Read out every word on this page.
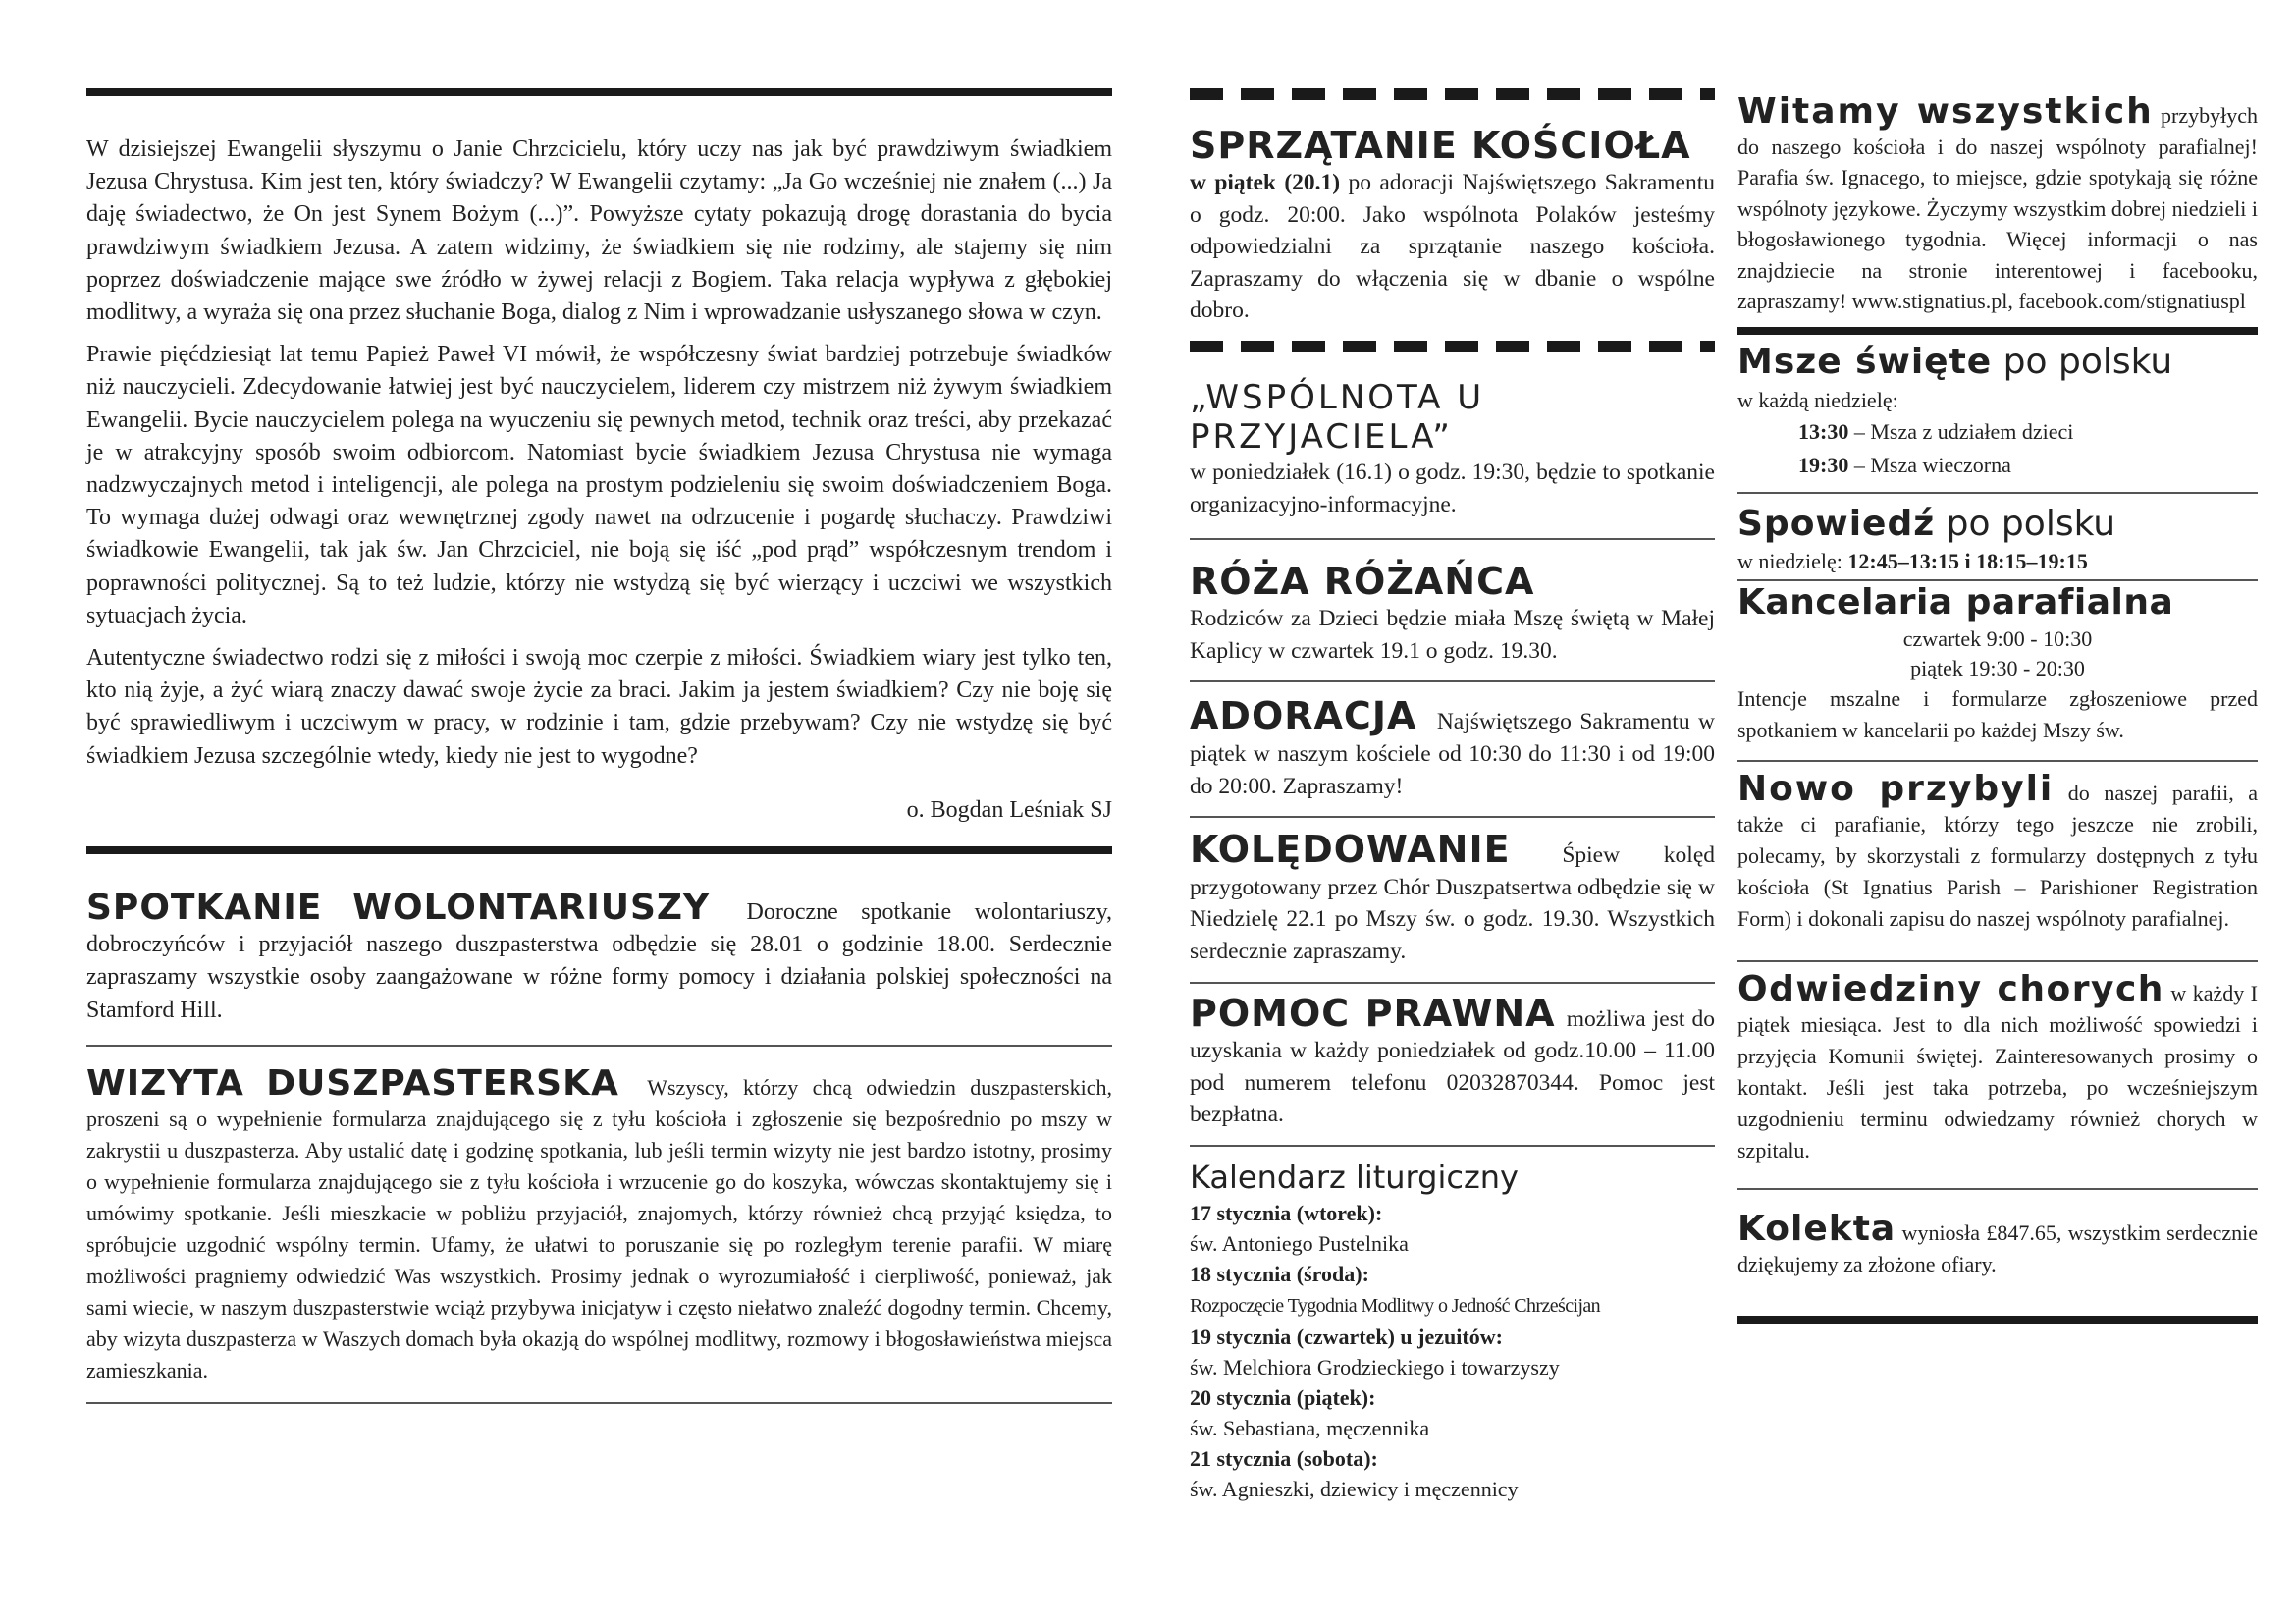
W dzisiejszej Ewangelii słyszymu o Janie Chrzcicielu, który uczy nas jak być prawdziwym świadkiem Jezusa Chrystusa. Kim jest ten, który świadczy? W Ewangelii czytamy: „Ja Go wcześniej nie znałem (...) Ja daję świadectwo, że On jest Synem Bożym (...)”. Powyższe cytaty pokazują drogę dorastania do bycia prawdziwym świadkiem Jezusa. A zatem widzimy, że świadkiem się nie rodzimy, ale stajemy się nim poprzez doświadczenie mające swe źródło w żywej relacji z Bogiem. Taka relacja wypływa z głębokiej modlitwy, a wyraża się ona przez słuchanie Boga, dialog z Nim i wprowadzanie usłyszanego słowa w czyn.

Prawie pięćdziesiąt lat temu Papież Paweł VI mówił, że współczesny świat bardziej potrzebuje świadków niż nauczycieli. Zdecydowanie łatwiej jest być nauczycielem, liderem czy mistrzem niż żywym świadkiem Ewangelii. Bycie nauczycielem polega na wyuczeniu się pewnych metod, technik oraz treści, aby przekazać je w atrakcyjny sposób swoim odbiorcom. Natomiast bycie świadkiem Jezusa Chrystusa nie wymaga nadzwyczajnych metod i inteligencji, ale polega na prostym podzieleniu się swoim doświadczeniem Boga. To wymaga dużej odwagi oraz wewnętrznej zgody nawet na odrzucenie i pogardę słuchaczy. Prawdziwi świadkowie Ewangelii, tak jak św. Jan Chrzciciel, nie boją się iść „pod prąd” współczesnym trendom i poprawności politycznej. Są to też ludzie, którzy nie wstydzą się być wierzący i uczciwi we wszystkich sytuacjach życia.

Autentyczne świadectwo rodzi się z miłości i swoją moc czerpie z miłości. Świadkiem wiary jest tylko ten, kto nią żyje, a żyć wiarą znaczy dawać swoje życie za braci. Jakim ja jestem świadkiem? Czy nie boję się być sprawiedliwym i uczciwym w pracy, w rodzinie i tam, gdzie przebywam? Czy nie wstydzę się być świadkiem Jezusa szczególnie wtedy, kiedy nie jest to wygodne?

o. Bogdan Leśniak SJ

SPOTKANIE WOLONTARIUSZY Doroczne spotkanie wolontariuszy, dobroczyńców i przyjaciół naszego duszpasterstwa odbędzie się 28.01 o godzinie 18.00. Serdecznie zapraszamy wszystkie osoby zaangażowane w różne formy pomocy i działania polskiej społeczności na Stamford Hill.

WIZYTA DUSZPASTERSKA Wszyscy, którzy chcą odwiedzin duszpasterskich, proszeni są o wypełnienie formularza znajdującego się z tyłu kościoła i zgłoszenie się bezpośrednio po mszy w zakrystii u duszpasterza. Aby ustalić datę i godzinę spotkania, lub jeśli termin wizyty nie jest bardzo istotny, prosimy o wypełnienie formularza znajdującego sie z tyłu kościoła i wrzucenie go do koszyka, wówczas skontaktujemy się i umówimy spotkanie. Jeśli mieszkacie w pobliżu przyjaciół, znajomych, którzy również chcą przyjąć księdza, to spróbujcie uzgodnić wspólny termin. Ufamy, że ułatwi to poruszanie się po rozległym terenie parafii. W miarę możliwości pragniemy odwiedzić Was wszystkich. Prosimy jednak o wyrozumiałość i cierpliwość, ponieważ, jak sami wiecie, w naszym duszpasterstwie wciąż przybywa inicjatyw i często niełatwo znaleźć dogodny termin. Chcemy, aby wizyta duszpasterza w Waszych domach była okazją do wspólnej modlitwy, rozmowy i błogosławieństwa miejsca zamieszkania.

SPRZĄTANIE KOŚCIOŁA

w piątek (20.1) po adoracji Najświętszego Sakramentu o godz. 20:00. Jako wspólnota Polaków jesteśmy odpowiedzialni za sprzątanie naszego kościoła. Zapraszamy do włączenia się w dbanie o wspólne dobro.

„WSPÓLNOTA U PRZYJACIELA”

w poniedziałek (16.1) o godz. 19:30, będzie to spotkanie organizacyjno-informacyjne.

RÓŻA RÓŻAŃCA

Rodziców za Dzieci będzie miała Mszę świętą w Małej Kaplicy w czwartek 19.1 o godz. 19.30.

ADORACJA Najświętszego Sakramentu w piątek w naszym kościele od 10:30 do 11:30 i od 19:00 do 20:00. Zapraszamy!

KOLĘDOWANIE Śpiew kolęd przygotowany przez Chór Duszpatsertwa odbędzie się w Niedzielę 22.1 po Mszy św. o godz. 19.30. Wszystkich serdecznie zapraszamy.

POMOC PRAWNA możliwa jest do uzyskania w każdy poniedziałek od godz.10.00 – 11.00 pod numerem telefonu 02032870344. Pomoc jest bezpłatna.

Kalendarz liturgiczny
17 stycznia (wtorek):
św. Antoniego Pustelnika
18 stycznia (środa):
Rozpoczęcie Tygodnia Modlitwy o Jedność Chrześcijan
19 stycznia (czwartek) u jezuitów:
św. Melchiora Grodzieckiego i towarzyszy
20 stycznia (piątek):
św. Sebastiana, męczennika
21 stycznia (sobota):
św. Agnieszki, dziewicy i męczennicy

Witamy wszystkich przybyłych do naszego kościoła i do naszej wspólnoty parafialnej! Parafia św. Ignacego, to miejsce, gdzie spotykają się różne wspólnoty językowe. Życzymy wszystkim dobrej niedzieli i błogosławionego tygodnia. Więcej informacji o nas znajdziecie na stronie interentowej i facebooku, zapraszamy! www.stignatius.pl, facebook.com/stignatiuspl

Msze święte po polsku
w każdą niedzielę:
13:30 – Msza z udziałem dzieci
19:30 – Msza wieczorna
Spowiedź po polsku
w niedzielę: 12:45–13:15 i 18:15–19:15
Kancelaria parafialna
czwartek 9:00 - 10:30
piątek 19:30 - 20:30

Intencje mszalne i formularze zgłoszeniowe przed spotkaniem w kancelarii po każdej Mszy św.

Nowo przybyli do naszej parafii, a także ci parafianie, którzy tego jeszcze nie zrobili, polecamy, by skorzystali z formularzy dostępnych z tyłu kościoła (St Ignatius Parish – Parishioner Registration Form) i dokonali zapisu do naszej wspólnoty parafialnej.

Odwiedziny chorych w każdy I piątek miesiąca. Jest to dla nich możliwość spowiedzi i przyjęcia Komunii świętej. Zainteresowanych prosimy o kontakt. Jeśli jest taka potrzeba, po wcześniejszym uzgodnieniu terminu odwiedzamy również chorych w szpitalu.

Kolekta wyniosła £847.65, wszystkim serdecznie dziękujemy za złożone ofiary.
